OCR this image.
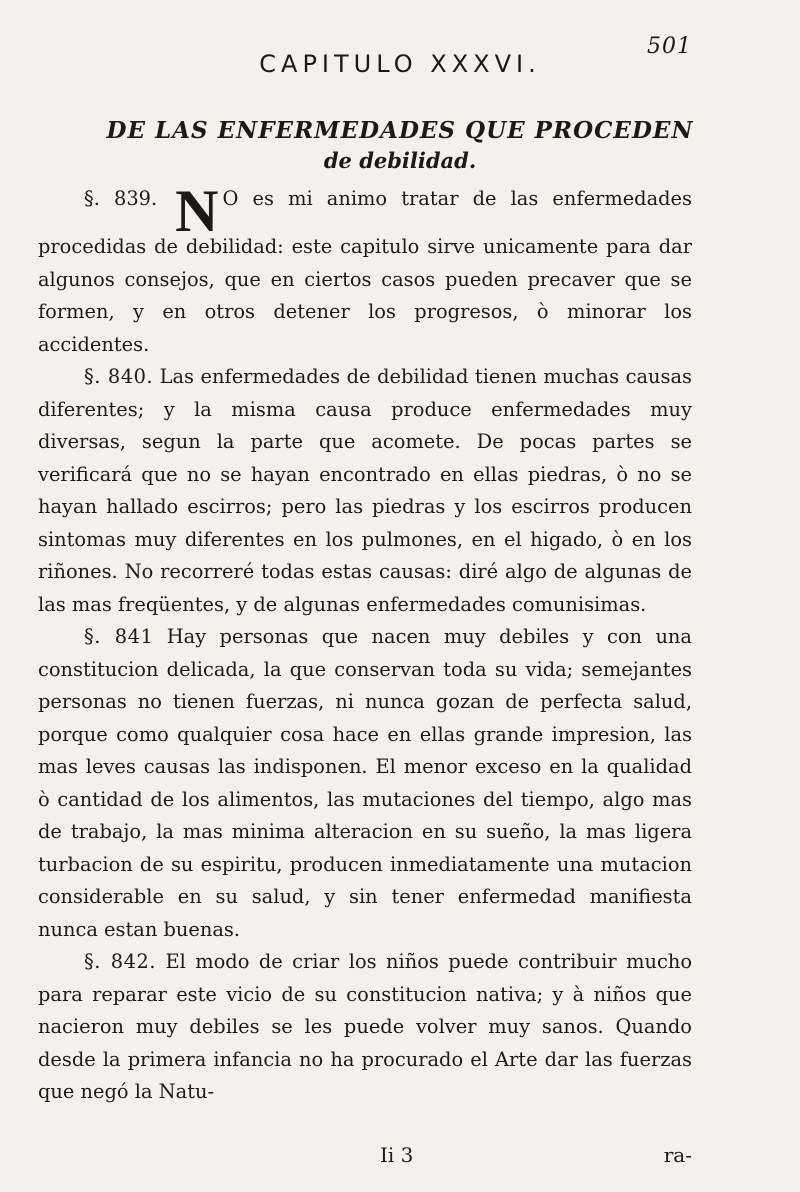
501
CAPITULO XXXVI.
DE LAS ENFERMEDADES QUE PROCEDEN
de debilidad.

§. 839. N O es mi animo tratar de las enfermedades procedidas de debilidad: este capitulo sirve unicamente para dar algunos consejos, que en ciertos casos pueden precaver que se formen, y en otros detener los progresos, ò minorar los accidentes.

§. 840. Las enfermedades de debilidad tienen muchas causas diferentes; y la misma causa produce enfermedades muy diversas, segun la parte que acomete. De pocas partes se verificará que no se hayan encontrado en ellas piedras, ò no se hayan hallado escirros; pero las piedras y los escirros producen sintomas muy diferentes en los pulmones, en el higado, ò en los riñones. No recorreré todas estas causas: diré algo de algunas de las mas freqüentes, y de algunas enfermedades comunisimas.

§. 841 Hay personas que nacen muy debiles y con una constitucion delicada, la que conservan toda su vida; semejantes personas no tienen fuerzas, ni nunca gozan de perfecta salud, porque como qualquier cosa hace en ellas grande impresion, las mas leves causas las indisponen. El menor exceso en la qualidad ò cantidad de los alimentos, las mutaciones del tiempo, algo mas de trabajo, la mas minima alteracion en su sueño, la mas ligera turbacion de su espiritu, producen inmediatamente una mutacion considerable en su salud, y sin tener enfermedad manifiesta nunca estan buenas.

§. 842. El modo de criar los niños puede contribuir mucho para reparar este vicio de su constitucion nativa; y à niños que nacieron muy debiles se les puede volver muy sanos. Quando desde la primera infancia no ha procurado el Arte dar las fuerzas que negó la Natu-

Ii 3	ra-
